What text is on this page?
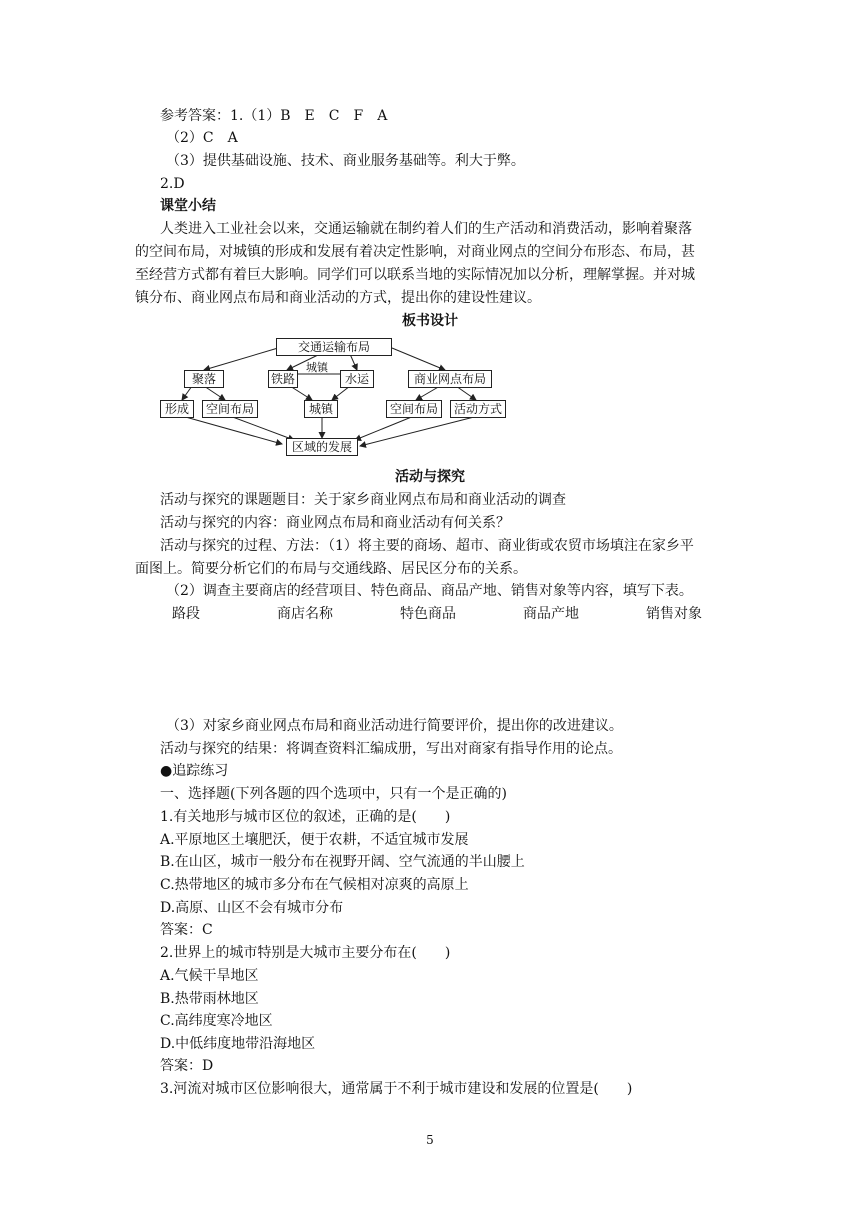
参考答案：1.（1）B　E　C　F　A
（2）C　A
（3）提供基础设施、技术、商业服务基础等。利大于弊。
2.D
课堂小结
人类进入工业社会以来，交通运输就在制约着人们的生产活动和消费活动，影响着聚落
的空间布局，对城镇的形成和发展有着决定性影响，对商业网点的空间分布形态、布局，甚
至经营方式都有着巨大影响。同学们可以联系当地的实际情况加以分析，理解掌握。并对城
镇分布、商业网点布局和商业活动的方式，提出你的建设性建议。
板书设计
交通运输布局
聚落	铁路
城镇
水运	商业网点布局
形成	空间布局	城镇	空间布局	活动方式
区域的发展
活动与探究
活动与探究的课题题目：关于家乡商业网点布局和商业活动的调查
活动与探究的内容：商业网点布局和商业活动有何关系？
活动与探究的过程、方法：（1）将主要的商场、超市、商业街或农贸市场填注在家乡平
面图上。简要分析它们的布局与交通线路、居民区分布的关系。
（2）调查主要商店的经营项目、特色商品、商品产地、销售对象等内容，填写下表。
路段	商店名称	特色商品	商品产地	销售对象
（3）对家乡商业网点布局和商业活动进行简要评价，提出你的改进建议。
活动与探究的结果：将调查资料汇编成册，写出对商家有指导作用的论点。
●追踪练习
一、选择题(下列各题的四个选项中，只有一个是正确的)
1.有关地形与城市区位的叙述，正确的是(　　)
A.平原地区土壤肥沃，便于农耕，不适宜城市发展
B.在山区，城市一般分布在视野开阔、空气流通的半山腰上
C.热带地区的城市多分布在气候相对凉爽的高原上
D.高原、山区不会有城市分布
答案：C
2.世界上的城市特别是大城市主要分布在(　　)
A.气候干旱地区
B.热带雨林地区
C.高纬度寒冷地区
D.中低纬度地带沿海地区
答案：D
3.河流对城市区位影响很大，通常属于不利于城市建设和发展的位置是(　　)
5
